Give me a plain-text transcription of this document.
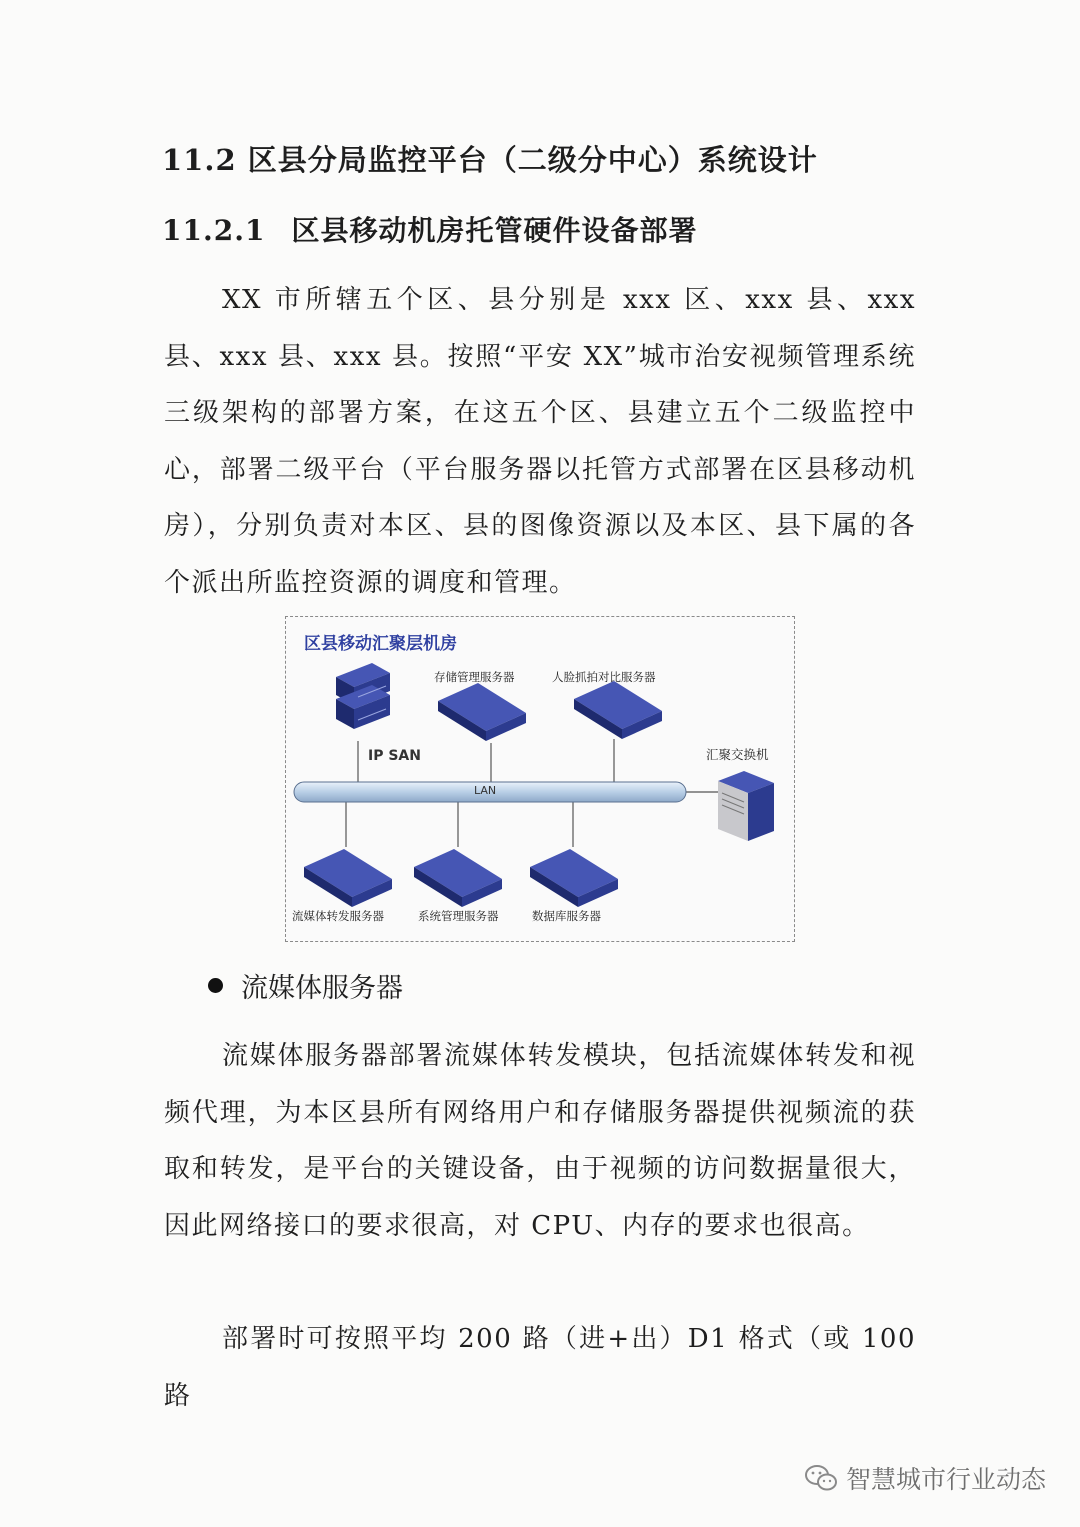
11.2 区县分局监控平台（二级分中心）系统设计
11.2.1 区县移动机房托管硬件设备部署
XX 市所辖五个区、县分别是 xxx 区、xxx 县、xxx 县、xxx 县、xxx 县。按照“平安 XX”城市治安视频管理系统三级架构的部署方案，在这五个区、县建立五个二级监控中心，部署二级平台（平台服务器以托管方式部署在区县移动机房），分别负责对本区、县的图像资源以及本区、县下属的各个派出所监控资源的调度和管理。
区县移动汇聚层机房
存储管理服务器	人脸抓拍对比服务器
IP SAN	汇聚交换机
LAN
流媒体转发服务器	系统管理服务器	数据库服务器
流媒体服务器
流媒体服务器部署流媒体转发模块，包括流媒体转发和视频代理，为本区县所有网络用户和存储服务器提供视频流的获取和转发，是平台的关键设备，由于视频的访问数据量很大，因此网络接口的要求很高，对 CPU、内存的要求也很高。
部署时可按照平均 200 路（进+出）D1 格式（或 100 路
智慧城市行业动态
